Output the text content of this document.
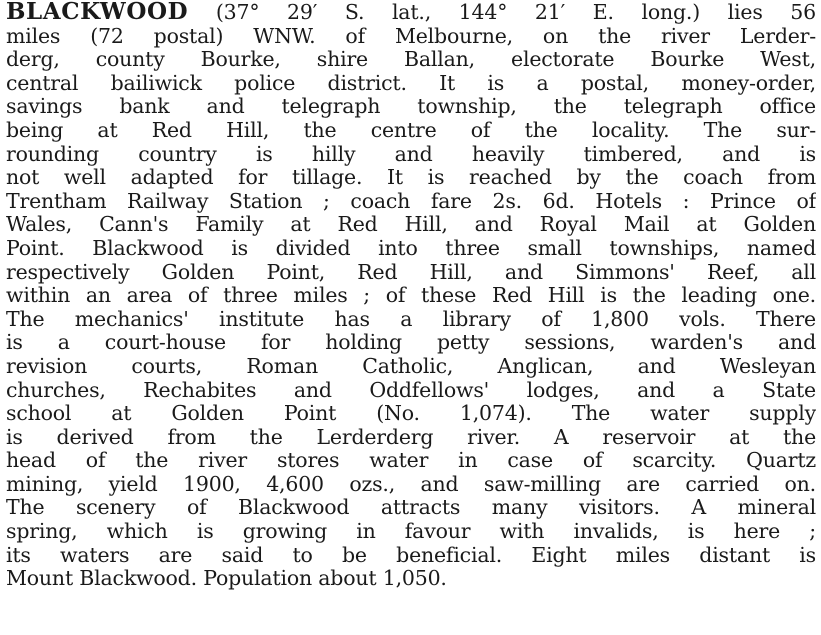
BLACKWOOD (37° 29′ S. lat., 144° 21′ E. long.) lies 56
miles (72 postal) WNW. of Melbourne, on the river Lerder-
derg, county Bourke, shire Ballan, electorate Bourke West,
central bailiwick police district. It is a postal, money-order,
savings bank and telegraph township, the telegraph office
being at Red Hill, the centre of the locality. The sur-
rounding country is hilly and heavily timbered, and is
not well adapted for tillage. It is reached by the coach from
Trentham Railway Station ; coach fare 2s. 6d. Hotels : Prince of
Wales, Cann's Family at Red Hill, and Royal Mail at Golden
Point. Blackwood is divided into three small townships, named
respectively Golden Point, Red Hill, and Simmons' Reef, all
within an area of three miles ; of these Red Hill is the leading one.
The mechanics' institute has a library of 1,800 vols. There
is a court-house for holding petty sessions, warden's and
revision courts, Roman Catholic, Anglican, and Wesleyan
churches, Rechabites and Oddfellows' lodges, and a State
school at Golden Point (No. 1,074). The water supply
is derived from the Lerderderg river. A reservoir at the
head of the river stores water in case of scarcity. Quartz
mining, yield 1900, 4,600 ozs., and saw-milling are carried on.
The scenery of Blackwood attracts many visitors. A mineral
spring, which is growing in favour with invalids, is here ;
its waters are said to be beneficial. Eight miles distant is
Mount Blackwood. Population about 1,050.
